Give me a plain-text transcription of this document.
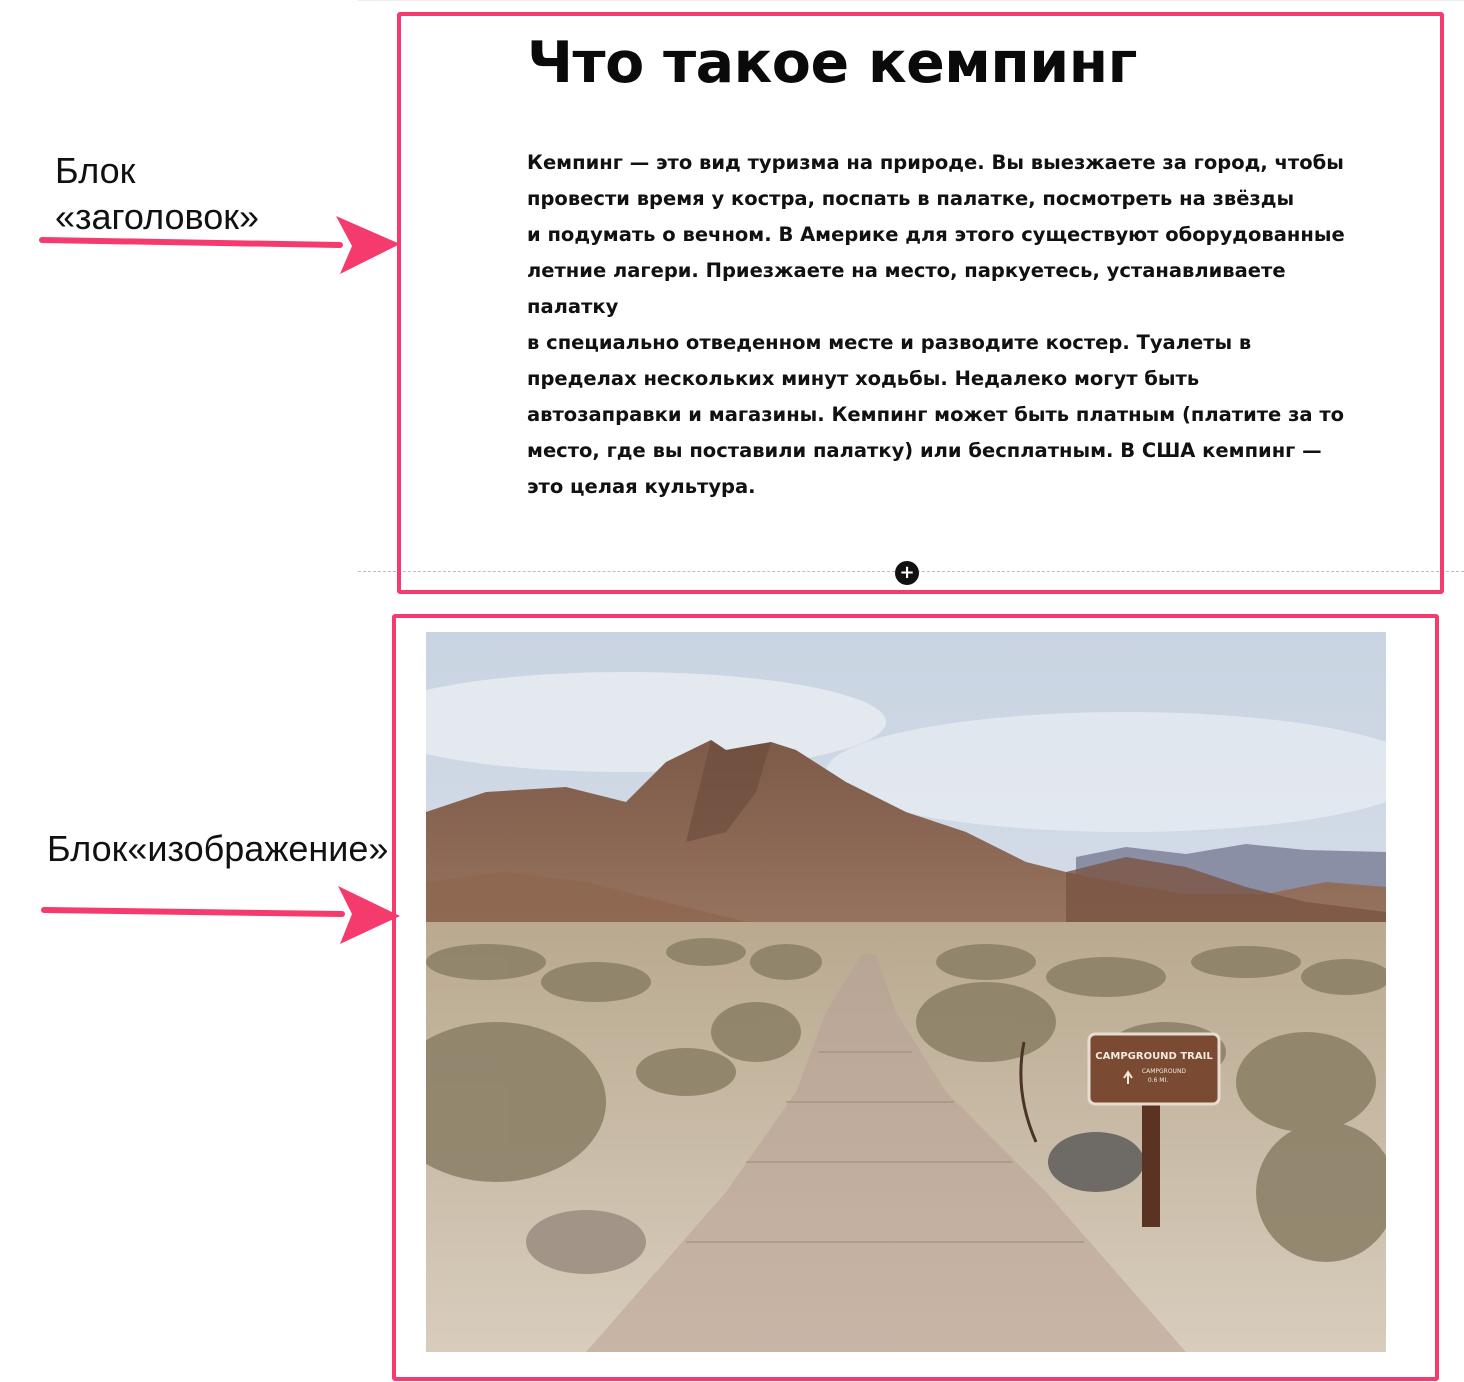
Блок
«заголовок»
Блок«изображение»
Что такое кемпинг

Кемпинг — это вид туризма на природе. Вы выезжаете за город, чтобы
провести время у костра, поспать в палатке, посмотреть на звёзды
и подумать о вечном. В Америке для этого существуют оборудованные
летние лагери. Приезжаете на место, паркуетесь, устанавливаете
палатку
в специально отведенном месте и разводите костер. Туалеты в
пределах нескольких минут ходьбы. Недалеко могут быть
автозаправки и магазины. Кемпинг может быть платным (платите за то
место, где вы поставили палатку) или бесплатным. В США кемпинг —
это целая культура.

+
CAMPGROUND TRAIL
CAMPGROUND
0.6 MI.
